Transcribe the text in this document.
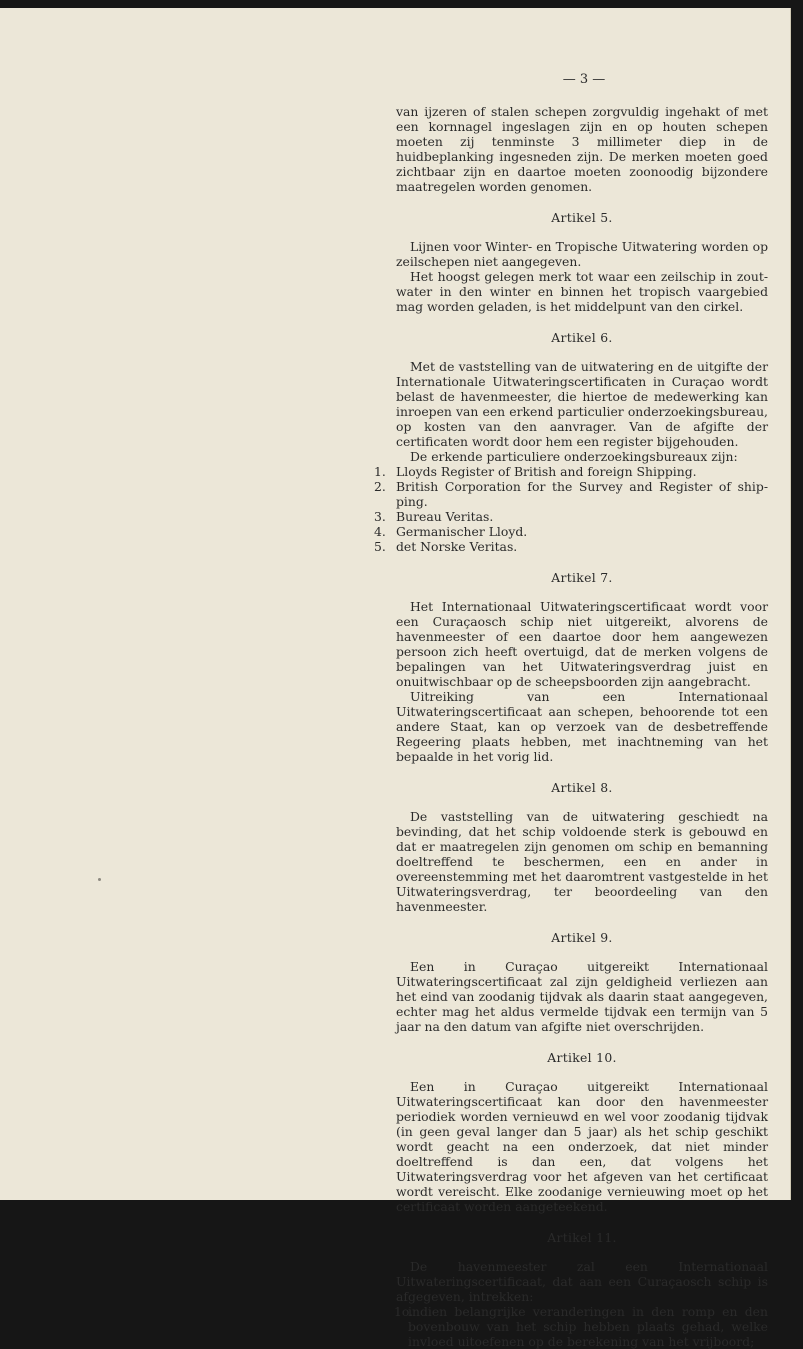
— 3 —

van ijzeren of stalen schepen zorgvuldig ingehakt of met een kornnagel ingeslagen zijn en op houten schepen moeten zij tenminste 3 millimeter diep in de huidbeplanking ingesneden zijn. De merken moeten goed zichtbaar zijn en daartoe moeten zoonoodig bijzondere maatregelen worden genomen.

Artikel 5.

Lijnen voor Winter- en Tropische Uitwatering worden op zeilschepen niet aangegeven.

Het hoogst gelegen merk tot waar een zeilschip in zoutwater in den winter en binnen het tropisch vaargebied mag worden geladen, is het middelpunt van den cirkel.

Artikel 6.

Met de vaststelling van de uitwatering en de uitgifte der Internationale Uitwateringscertificaten in Curaçao wordt belast de havenmeester, die hiertoe de medewerking kan inroepen van een erkend particulier onderzoekingsbureau, op kosten van den aanvrager. Van de afgifte der certificaten wordt door hem een register bijgehouden.

De erkende particuliere onderzoekingsbureaux zijn:

1. Lloyds Register of British and foreign Shipping.
2. British Corporation for the Survey and Register of shipping.
3. Bureau Veritas.
4. Germanischer Lloyd.
5. det Norske Veritas.
Artikel 7.

Het Internationaal Uitwateringscertificaat wordt voor een Curaçaosch schip niet uitgereikt, alvorens de havenmeester of een daartoe door hem aangewezen persoon zich heeft overtuigd, dat de merken volgens de bepalingen van het Uitwateringsverdrag juist en onuitwischbaar op de scheepsboorden zijn aangebracht.

Uitreiking van een Internationaal Uitwateringscertificaat aan schepen, behoorende tot een andere Staat, kan op verzoek van de desbetreffende Regeering plaats hebben, met inachtneming van het bepaalde in het vorig lid.

Artikel 8.

De vaststelling van de uitwatering geschiedt na bevinding, dat het schip voldoende sterk is gebouwd en dat er maatregelen zijn genomen om schip en bemanning doeltreffend te beschermen, een en ander in overeenstemming met het daaromtrent vastgestelde in het Uitwateringsverdrag, ter beoordeeling van den havenmeester.

Artikel 9.

Een in Curaçao uitgereikt Internationaal Uitwateringscertificaat zal zijn geldigheid verliezen aan het eind van zoodanig tijdvak als daarin staat aangegeven, echter mag het aldus vermelde tijdvak een termijn van 5 jaar na den datum van afgifte niet overschrijden.

Artikel 10.

Een in Curaçao uitgereikt Internationaal Uitwateringscertificaat kan door den havenmeester periodiek worden vernieuwd en wel voor zoodanig tijdvak (in geen geval langer dan 5 jaar) als het schip geschikt wordt geacht na een onderzoek, dat niet minder doeltreffend is dan een, dat volgens het Uitwateringsverdrag voor het afgeven van het certificaat wordt vereischt. Elke zoodanige vernieuwing moet op het certificaat worden aangeteekend.

Artikel 11.

De havenmeester zal een Internationaal Uitwateringscertificaat, dat aan een Curaçaosch schip is afgegeven, intrekken:

1o.
indien belangrijke veranderingen in den romp en den bovenbouw van het schip hebben plaats gehad, welke invloed uitoefenen op de berekening van het vrijboord;
